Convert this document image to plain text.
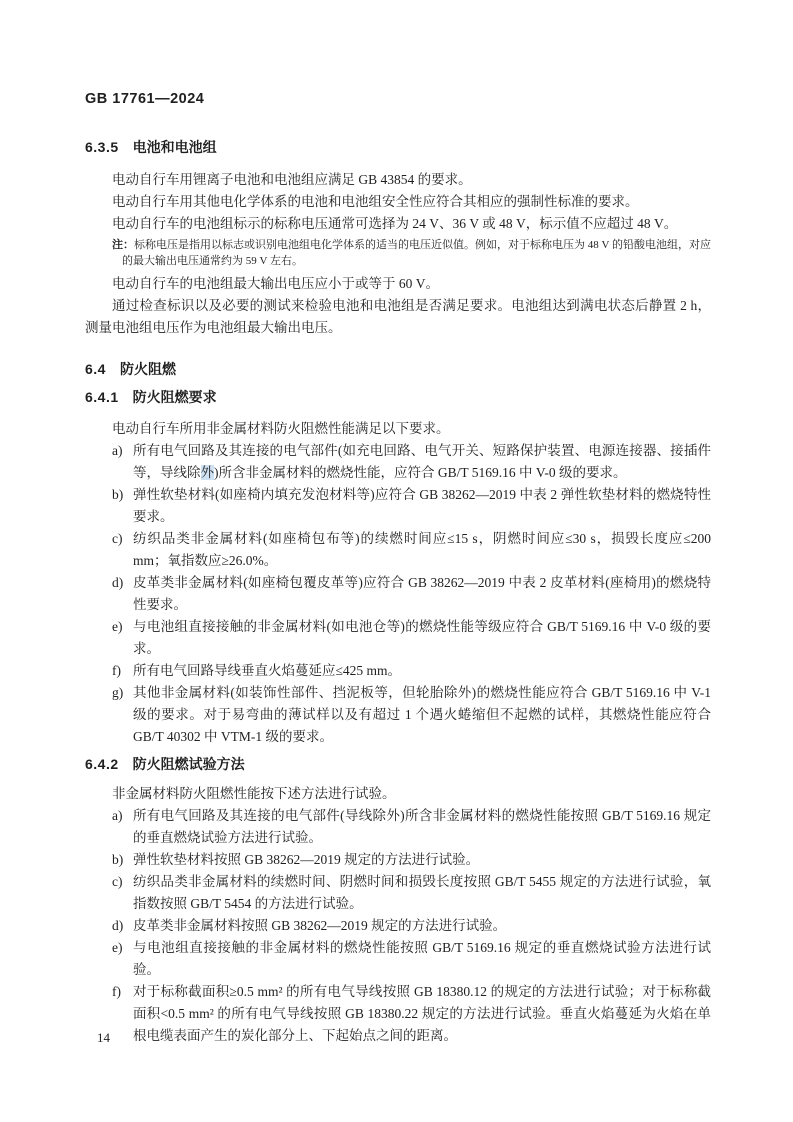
GB 17761—2024
6.3.5 电池和电池组

电动自行车用锂离子电池和电池组应满足 GB 43854 的要求。

电动自行车用其他电化学体系的电池和电池组安全性应符合其相应的强制性标准的要求。

电动自行车的电池组标示的标称电压通常可选择为 24 V、36 V 或 48 V，标示值不应超过 48 V。

注：标称电压是指用以标志或识别电池组电化学体系的适当的电压近似值。例如，对于标称电压为 48 V 的铅酸电池组，对应的最大输出电压通常约为 59 V 左右。

电动自行车的电池组最大输出电压应小于或等于 60 V。

通过检查标识以及必要的测试来检验电池和电池组是否满足要求。电池组达到满电状态后静置 2 h，测量电池组电压作为电池组最大输出电压。

6.4 防火阻燃
6.4.1 防火阻燃要求

电动自行车所用非金属材料防火阻燃性能满足以下要求。

a) 所有电气回路及其连接的电气部件(如充电回路、电气开关、短路保护装置、电源连接器、接插件等，导线除外)所含非金属材料的燃烧性能，应符合 GB/T 5169.16 中 V-0 级的要求。
b) 弹性软垫材料(如座椅内填充发泡材料等)应符合 GB 38262—2019 中表 2 弹性软垫材料的燃烧特性要求。
c) 纺织品类非金属材料(如座椅包布等)的续燃时间应≤15 s，阴燃时间应≤30 s，损毁长度应≤200 mm；氧指数应≥26.0%。
d) 皮革类非金属材料(如座椅包覆皮革等)应符合 GB 38262—2019 中表 2 皮革材料(座椅用)的燃烧特性要求。
e) 与电池组直接接触的非金属材料(如电池仓等)的燃烧性能等级应符合 GB/T 5169.16 中 V-0 级的要求。
f) 所有电气回路导线垂直火焰蔓延应≤425 mm。
g) 其他非金属材料(如装饰性部件、挡泥板等，但轮胎除外)的燃烧性能应符合 GB/T 5169.16 中 V-1 级的要求。对于易弯曲的薄试样以及有超过 1 个遇火蜷缩但不起燃的试样，其燃烧性能应符合 GB/T 40302 中 VTM-1 级的要求。
6.4.2 防火阻燃试验方法

非金属材料防火阻燃性能按下述方法进行试验。

a) 所有电气回路及其连接的电气部件(导线除外)所含非金属材料的燃烧性能按照 GB/T 5169.16 规定的垂直燃烧试验方法进行试验。
b) 弹性软垫材料按照 GB 38262—2019 规定的方法进行试验。
c) 纺织品类非金属材料的续燃时间、阴燃时间和损毁长度按照 GB/T 5455 规定的方法进行试验，氧指数按照 GB/T 5454 的方法进行试验。
d) 皮革类非金属材料按照 GB 38262—2019 规定的方法进行试验。
e) 与电池组直接接触的非金属材料的燃烧性能按照 GB/T 5169.16 规定的垂直燃烧试验方法进行试验。
f) 对于标称截面积≥0.5 mm² 的所有电气导线按照 GB 18380.12 的规定的方法进行试验；对于标称截面积<0.5 mm² 的所有电气导线按照 GB 18380.22 规定的方法进行试验。垂直火焰蔓延为火焰在单根电缆表面产生的炭化部分上、下起始点之间的距离。
14
